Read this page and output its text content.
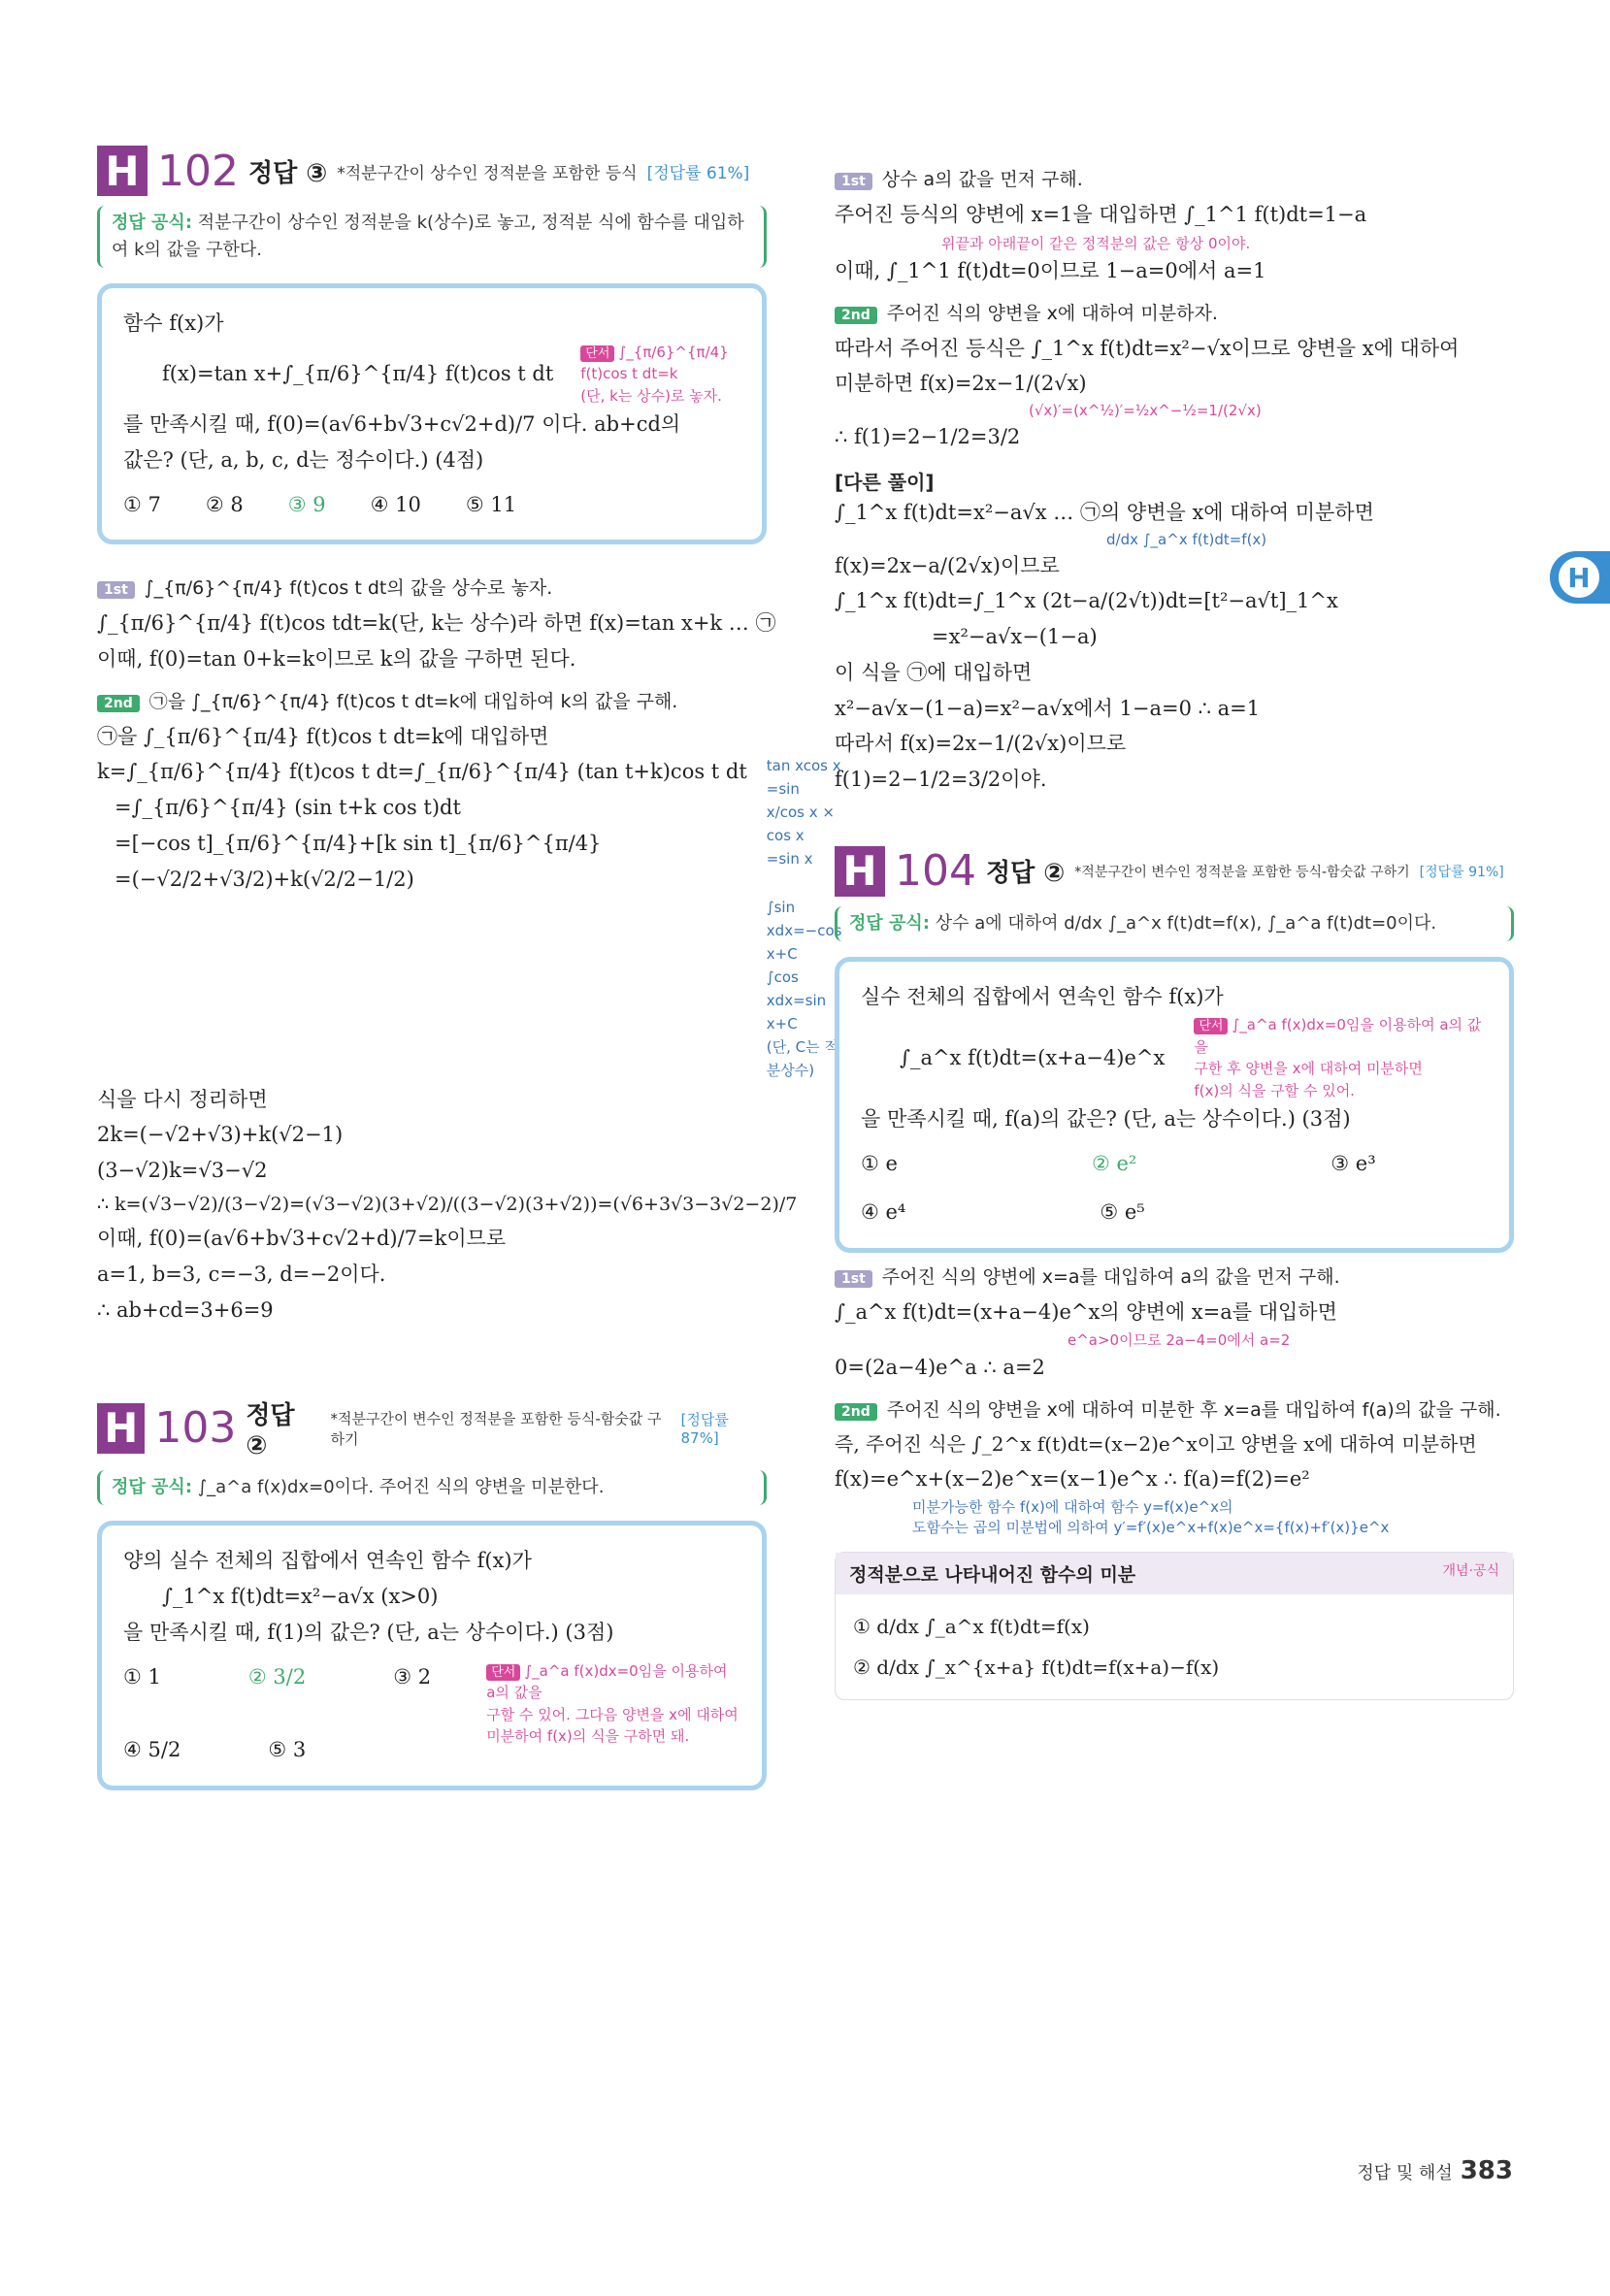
H 102 정답 ③ *적분구간이 상수인 정적분을 포함한 등식 [정답률 61%]
정답 공식: 적분구간이 상수인 정적분을 k(상수)로 놓고, 정적분 식에 함수를 대입하여 k의 값을 구한다.
함수 f(x)가
f(x)=tan x+∫_{π/6}^{π/4} f(t)cos t dt
단서 ∫_{π/6}^{π/4} f(t)cos t dt=k
(단, k는 상수)로 놓자.
를 만족시킬 때, f(0)=(a√6+b√3+c√2+d)/7 이다. ab+cd의
값은? (단, a, b, c, d는 정수이다.) (4점)
① 7 ② 8 ③ 9 ④ 10 ⑤ 11
1st ∫_{π/6}^{π/4} f(t)cos t dt의 값을 상수로 놓자.
∫_{π/6}^{π/4} f(t)cos tdt=k(단, k는 상수)라 하면 f(x)=tan x+k … ㉠
이때, f(0)=tan 0+k=k이므로 k의 값을 구하면 된다.
2nd ㉠을 ∫_{π/6}^{π/4} f(t)cos t dt=k에 대입하여 k의 값을 구해.
㉠을 ∫_{π/6}^{π/4} f(t)cos t dt=k에 대입하면
k=∫_{π/6}^{π/4} f(t)cos t dt=∫_{π/6}^{π/4} (tan t+k)cos t dt
=∫_{π/6}^{π/4} (sin t+k cos t)dt
=[−cos t]_{π/6}^{π/4}+[k sin t]_{π/6}^{π/4}
=(−√2/2+√3/2)+k(√2/2−1/2)
tan xcos x
=sin x/cos x × cos x
=sin x
∫sin xdx=−cos x+C
∫cos xdx=sin x+C
(단, C는 적분상수)
식을 다시 정리하면
2k=(−√2+√3)+k(√2−1)
(3−√2)k=√3−√2
∴ k=(√3−√2)/(3−√2)=(√3−√2)(3+√2)/((3−√2)(3+√2))=(√6+3√3−3√2−2)/7
이때, f(0)=(a√6+b√3+c√2+d)/7=k이므로
a=1, b=3, c=−3, d=−2이다.
∴ ab+cd=3+6=9
H 103 정답 ②
*적분구간이 변수인 정적분을 포함한 등식-함숫값 구하기
[정답률 87%]
정답 공식: ∫_a^a f(x)dx=0이다. 주어진 식의 양변을 미분한다.
양의 실수 전체의 집합에서 연속인 함수 f(x)가
∫_1^x f(t)dt=x²−a√x (x>0)
을 만족시킬 때, f(1)의 값은? (단, a는 상수이다.) (3점)
① 1	② 3/2	③ 2
④ 5/2	⑤ 3
단서 ∫_a^a f(x)dx=0임을 이용하여 a의 값을
구할 수 있어. 그다음 양변을 x에 대하여
미분하여 f(x)의 식을 구하면 돼.
1st 상수 a의 값을 먼저 구해.
주어진 등식의 양변에 x=1을 대입하면 ∫_1^1 f(t)dt=1−a
위끝과 아래끝이 같은 정적분의 값은 항상 0이야.
이때, ∫_1^1 f(t)dt=0이므로 1−a=0에서 a=1
2nd 주어진 식의 양변을 x에 대하여 미분하자.
따라서 주어진 등식은 ∫_1^x f(t)dt=x²−√x이므로 양변을 x에 대하여
미분하면 f(x)=2x−1/(2√x)
(√x)′=(x^½)′=½x^−½=1/(2√x)
∴ f(1)=2−1/2=3/2
[다른 풀이]
∫_1^x f(t)dt=x²−a√x … ㉠의 양변을 x에 대하여 미분하면
d/dx ∫_a^x f(t)dt=f(x)
f(x)=2x−a/(2√x)이므로
∫_1^x f(t)dt=∫_1^x (2t−a/(2√t))dt=[t²−a√t]_1^x
=x²−a√x−(1−a)
이 식을 ㉠에 대입하면
x²−a√x−(1−a)=x²−a√x에서 1−a=0 ∴ a=1
따라서 f(x)=2x−1/(2√x)이므로
f(1)=2−1/2=3/2이야.
H 104 정답 ② *적분구간이 변수인 정적분을 포함한 등식-함숫값 구하기 [정답률 91%]
정답 공식: 상수 a에 대하여 d/dx ∫_a^x f(t)dt=f(x), ∫_a^a f(t)dt=0이다.
실수 전체의 집합에서 연속인 함수 f(x)가
∫_a^x f(t)dt=(x+a−4)e^x
단서 ∫_a^a f(x)dx=0임을 이용하여 a의 값을
구한 후 양변을 x에 대하여 미분하면
f(x)의 식을 구할 수 있어.
을 만족시킬 때, f(a)의 값은? (단, a는 상수이다.) (3점)
① e	② e²	③ e³
④ e⁴	⑤ e⁵
1st 주어진 식의 양변에 x=a를 대입하여 a의 값을 먼저 구해.
∫_a^x f(t)dt=(x+a−4)e^x의 양변에 x=a를 대입하면
e^a>0이므로 2a−4=0에서 a=2
0=(2a−4)e^a ∴ a=2
2nd 주어진 식의 양변을 x에 대하여 미분한 후 x=a를 대입하여 f(a)의 값을 구해.
즉, 주어진 식은 ∫_2^x f(t)dt=(x−2)e^x이고 양변을 x에 대하여 미분하면
f(x)=e^x+(x−2)e^x=(x−1)e^x ∴ f(a)=f(2)=e²
미분가능한 함수 f(x)에 대하여 함수 y=f(x)e^x의
도함수는 곱의 미분법에 의하여 y′=f′(x)e^x+f(x)e^x={f(x)+f′(x)}e^x
정적분으로 나타내어진 함수의 미분	개념·공식
① d/dx ∫_a^x f(t)dt=f(x)
② d/dx ∫_x^{x+a} f(t)dt=f(x+a)−f(x)
H
정답 및 해설 383
